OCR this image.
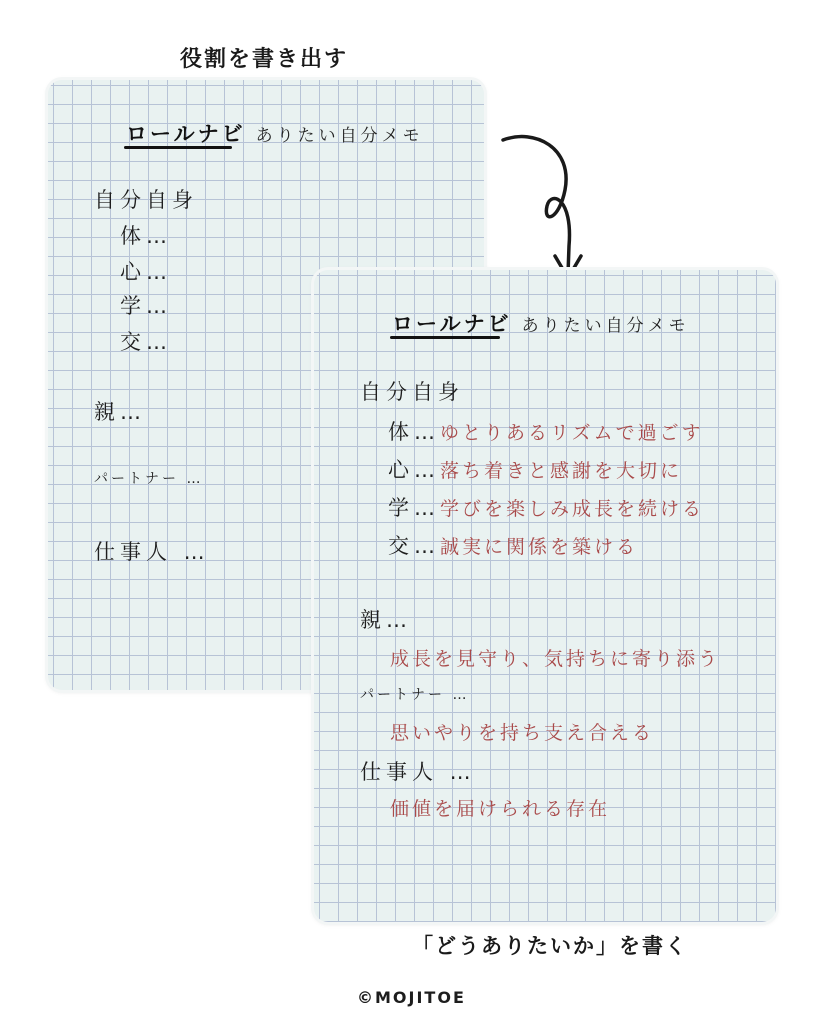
役割を書き出す
ロールナビ ありたい自分メモ
自分自身
体…
心…
学…
交…
親…
パートナー …
仕事人 …
ロールナビ ありたい自分メモ
自分自身
体…ゆとりあるリズムで過ごす
心…落ち着きと感謝を大切に
学…学びを楽しみ成長を続ける
交…誠実に関係を築ける
親…
成長を見守り、気持ちに寄り添う
パートナー …
思いやりを持ち支え合える
仕事人 …
価値を届けられる存在
「どうありたいか」を書く
©MOJITOE
